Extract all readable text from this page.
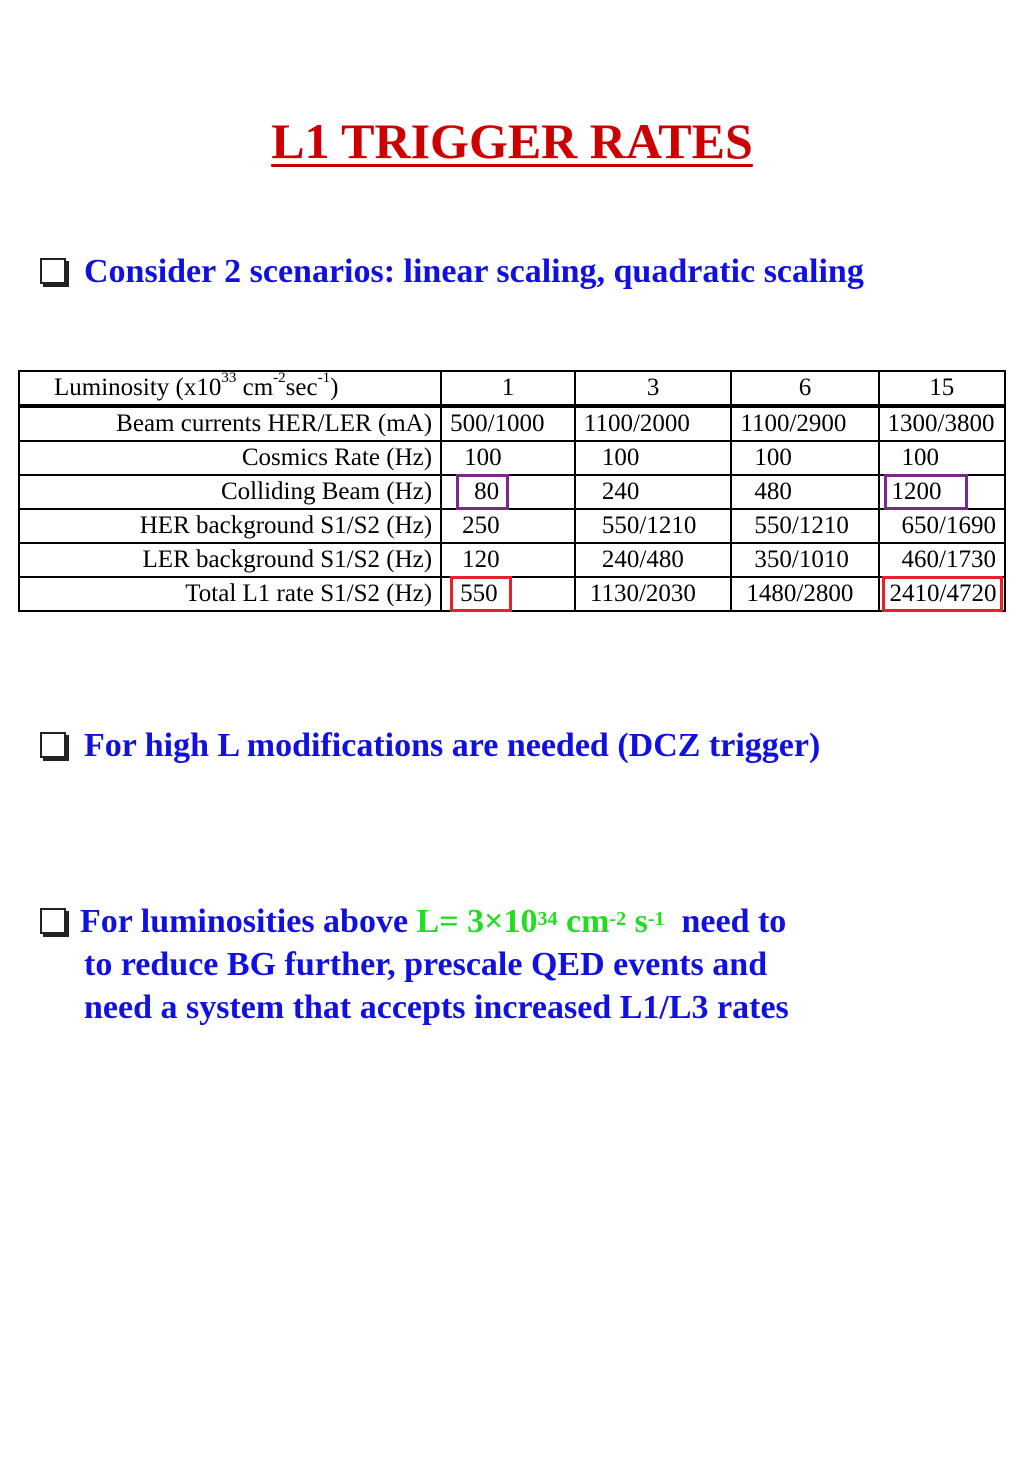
L1 TRIGGER RATES
Consider 2 scenarios: linear scaling, quadratic scaling
Luminosity ($x10^{33}$ $cm^{-2}\sec^{-1}$)	1	3	6	15
Beam currents HER/LER (mA)	500/1000	1100/2000	1100/2900	1300/3800
Cosmics Rate (Hz)	100	100	100	100
Colliding Beam (Hz)	80	240	480	1200
HER background S1/S2 (Hz)	250	550/1210	550/1210	650/1690
LER background S1/S2 (Hz)	120	240/480	350/1010	460/1730
Total L1 rate S1/S2 (Hz)	550	1130/2030	1480/2800	2410/4720
For high L modifications are needed (DCZ trigger)
For luminosities above $L= 3\times 10^{34}$ $cm^{-2}$ $s^{-1}$  need to
to reduce BG further, prescale QED events and
need a system that accepts increased L1/L3 rates
